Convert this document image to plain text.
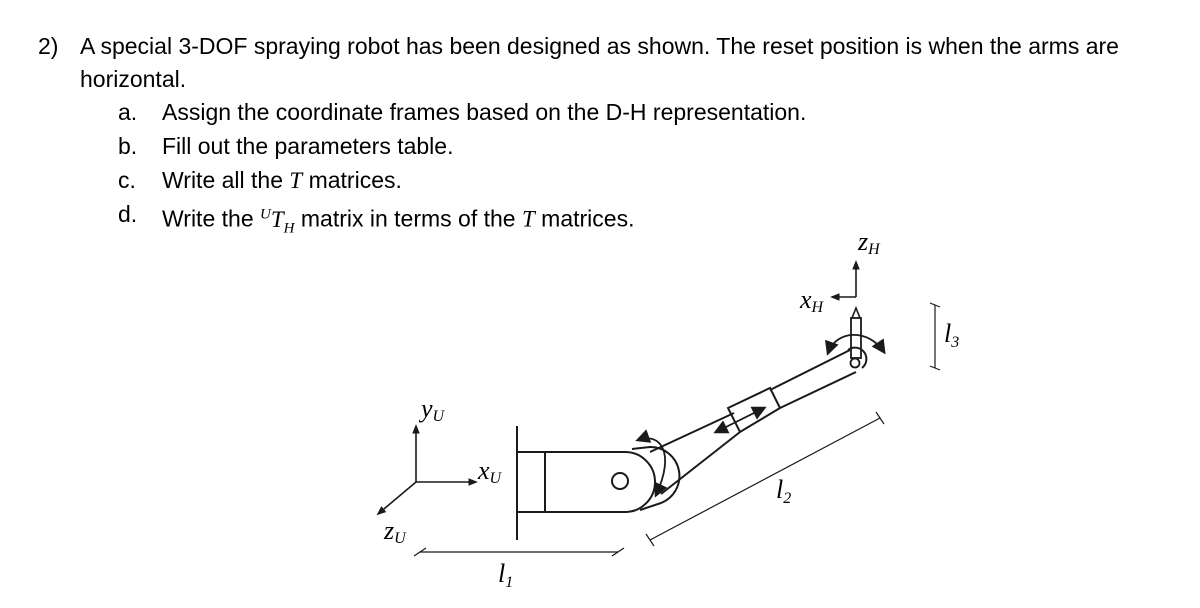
2) A special 3-DOF spraying robot has been designed as shown. The reset position is when the arms are horizontal.
a.	Assign the coordinate frames based on the D-H representation.
b.	Fill out the parameters table.
c.	Write all the T matrices.
d.	Write the $^UT_H$ matrix in terms of the T matrices.
yU
xU
zU
xH
zH
l1
l2
l3
